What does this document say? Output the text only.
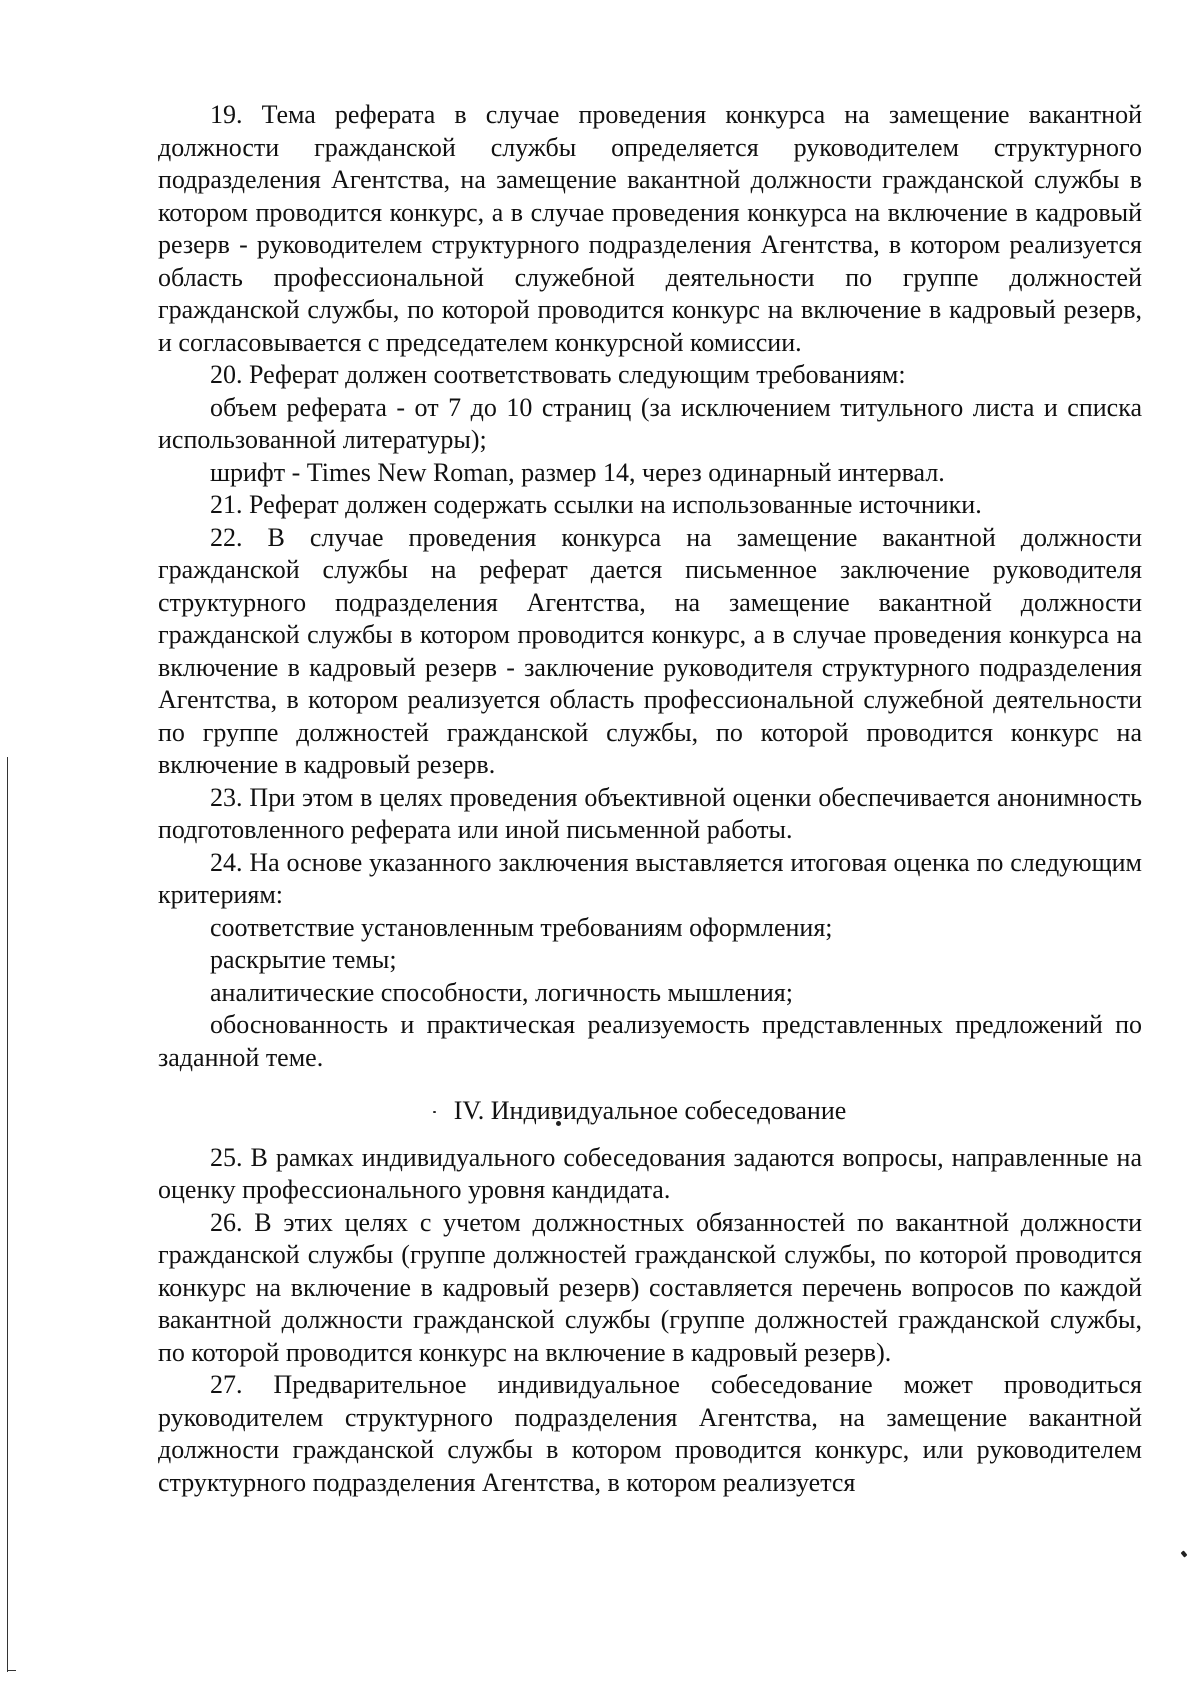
19. Тема реферата в случае проведения конкурса на замещение вакантной должности гражданской службы определяется руководителем структурного подразделения Агентства, на замещение вакантной должности гражданской службы в котором проводится конкурс, а в случае проведения конкурса на включение в кадровый резерв - руководителем структурного подразделения Агентства, в котором реализуется область профессиональной служебной деятельности по группе должностей гражданской службы, по которой проводится конкурс на включение в кадровый резерв, и согласовывается с председателем конкурсной комиссии.

20. Реферат должен соответствовать следующим требованиям:

объем реферата - от 7 до 10 страниц (за исключением титульного листа и списка использованной литературы);

шрифт - Times New Roman, размер 14, через одинарный интервал.

21. Реферат должен содержать ссылки на использованные источники.

22. В случае проведения конкурса на замещение вакантной должности гражданской службы на реферат дается письменное заключение руководителя структурного подразделения Агентства, на замещение вакантной должности гражданской службы в котором проводится конкурс, а в случае проведения конкурса на включение в кадровый резерв - заключение руководителя структурного подразделения Агентства, в котором реализуется область профессиональной служебной деятельности по группе должностей гражданской службы, по которой проводится конкурс на включение в кадровый резерв.

23. При этом в целях проведения объективной оценки обеспечивается анонимность подготовленного реферата или иной письменной работы.

24. На основе указанного заключения выставляется итоговая оценка по следующим критериям:

соответствие установленным требованиям оформления;

раскрытие темы;

аналитические способности, логичность мышления;

обоснованность и практическая реализуемость представленных предложений по заданной теме.

IV. Индивидуальное собеседование

25. В рамках индивидуального собеседования задаются вопросы, направленные на оценку профессионального уровня кандидата.

26. В этих целях с учетом должностных обязанностей по вакантной должности гражданской службы (группе должностей гражданской службы, по которой проводится конкурс на включение в кадровый резерв) составляется перечень вопросов по каждой вакантной должности гражданской службы (группе должностей гражданской службы, по которой проводится конкурс на включение в кадровый резерв).

27. Предварительное индивидуальное собеседование может проводиться руководителем структурного подразделения Агентства, на замещение вакантной должности гражданской службы в котором проводится конкурс, или руководителем структурного подразделения Агентства, в котором реализуется
